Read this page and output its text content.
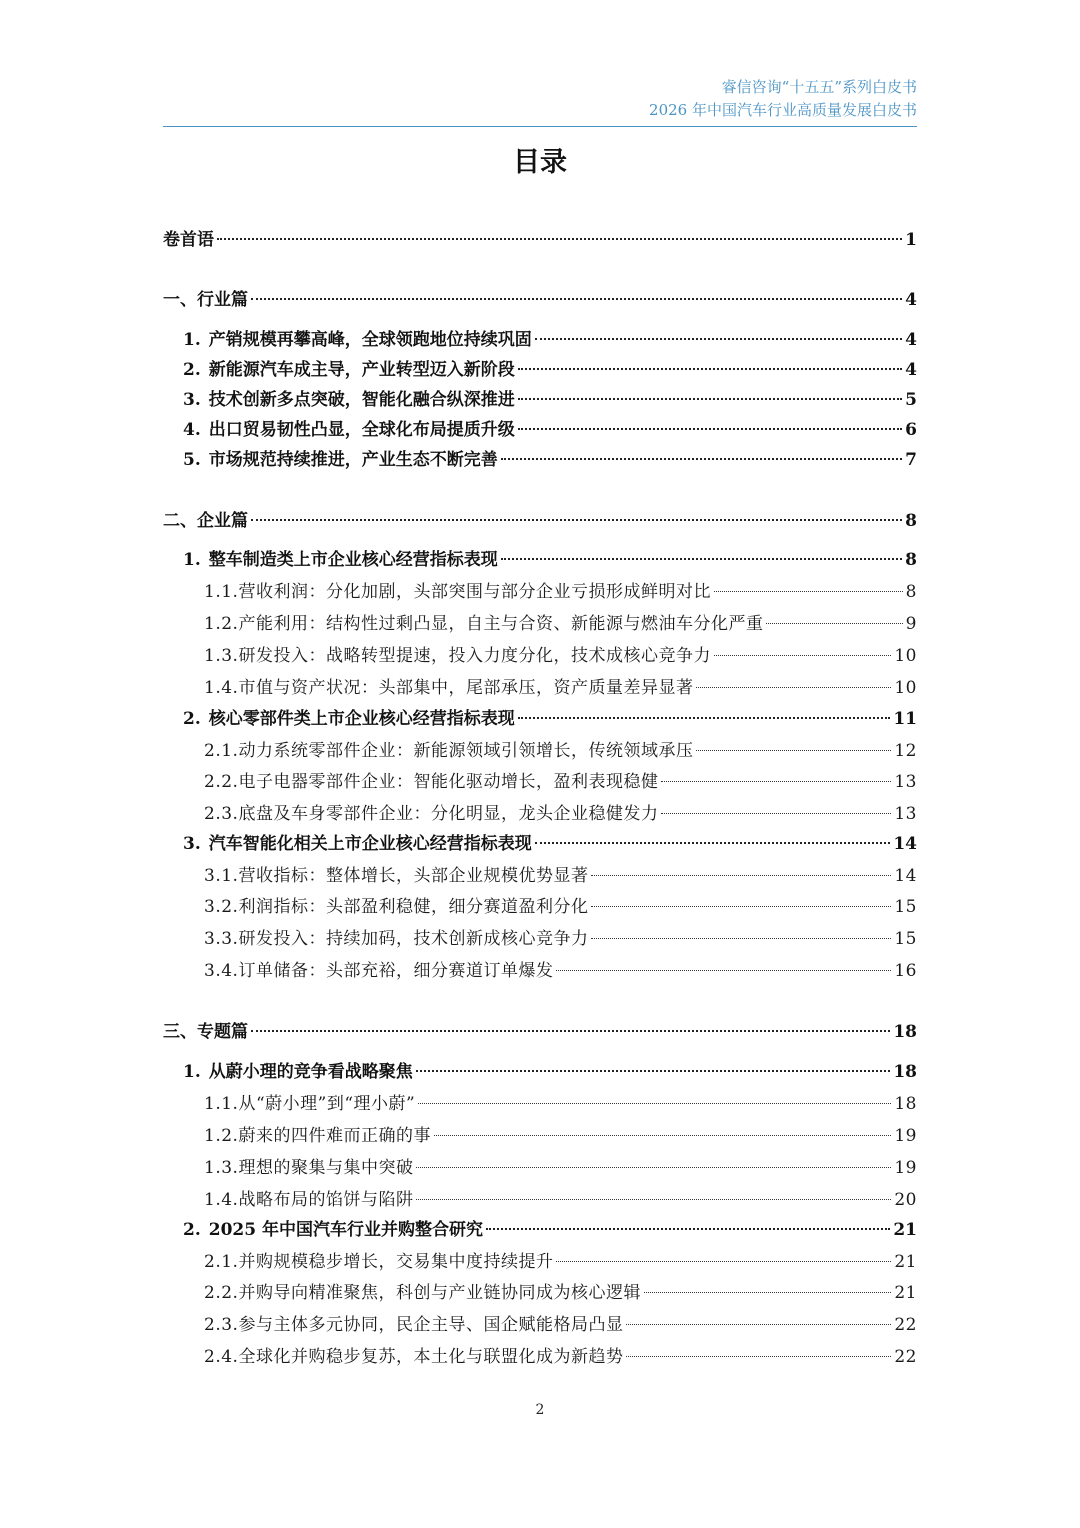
睿信咨询“十五五”系列白皮书
2026 年中国汽车行业高质量发展白皮书
目录
卷首语	1
一、行业篇	4
1. 产销规模再攀高峰，全球领跑地位持续巩固	4
2. 新能源汽车成主导，产业转型迈入新阶段	4
3. 技术创新多点突破，智能化融合纵深推进	5
4. 出口贸易韧性凸显，全球化布局提质升级	6
5. 市场规范持续推进，产业生态不断完善	7
二、企业篇	8
1. 整车制造类上市企业核心经营指标表现	8
1.1.营收利润：分化加剧，头部突围与部分企业亏损形成鲜明对比	8
1.2.产能利用：结构性过剩凸显，自主与合资、新能源与燃油车分化严重	9
1.3.研发投入：战略转型提速，投入力度分化，技术成核心竞争力	10
1.4.市值与资产状况：头部集中，尾部承压，资产质量差异显著	10
2. 核心零部件类上市企业核心经营指标表现	11
2.1.动力系统零部件企业：新能源领域引领增长，传统领域承压	12
2.2.电子电器零部件企业：智能化驱动增长，盈利表现稳健	13
2.3.底盘及车身零部件企业：分化明显，龙头企业稳健发力	13
3. 汽车智能化相关上市企业核心经营指标表现	14
3.1.营收指标：整体增长，头部企业规模优势显著	14
3.2.利润指标：头部盈利稳健，细分赛道盈利分化	15
3.3.研发投入：持续加码，技术创新成核心竞争力	15
3.4.订单储备：头部充裕，细分赛道订单爆发	16
三、专题篇	18
1. 从蔚小理的竞争看战略聚焦	18
1.1.从“蔚小理”到“理小蔚”	18
1.2.蔚来的四件难而正确的事	19
1.3.理想的聚集与集中突破	19
1.4.战略布局的馅饼与陷阱	20
2. 2025 年中国汽车行业并购整合研究	21
2.1.并购规模稳步增长，交易集中度持续提升	21
2.2.并购导向精准聚焦，科创与产业链协同成为核心逻辑	21
2.3.参与主体多元协同，民企主导、国企赋能格局凸显	22
2.4.全球化并购稳步复苏，本土化与联盟化成为新趋势	22
2
